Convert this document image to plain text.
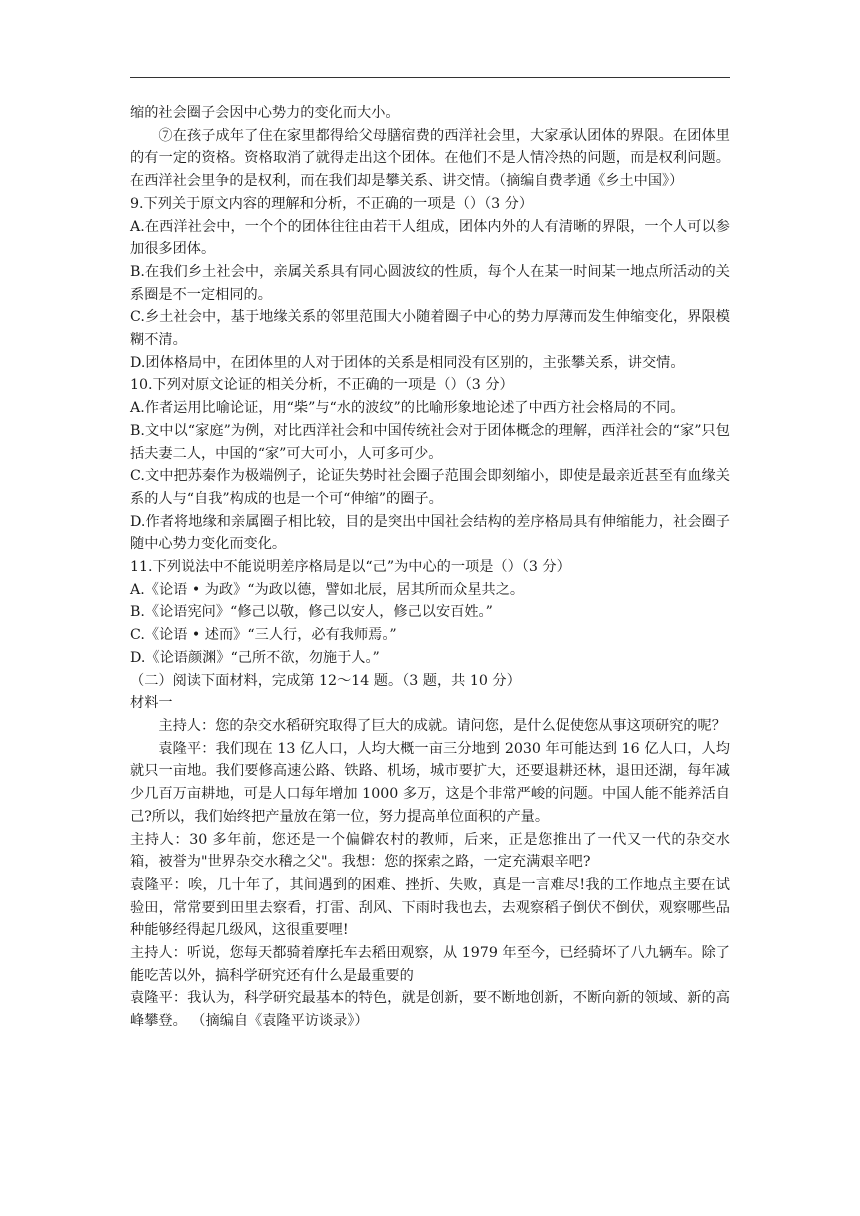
缩的社会圈子会因中心势力的变化而大小。

⑦在孩子成年了住在家里都得给父母膳宿费的西洋社会里，大家承认团体的界限。在团体里的有一定的资格。资格取消了就得走出这个团体。在他们不是人情冷热的问题，而是权利问题。在西洋社会里争的是权利，而在我们却是攀关系、讲交情。（摘编自费孝通《乡土中国》）

9.下列关于原文内容的理解和分析，不正确的一项是（）（3 分）

A.在西洋社会中，一个个的团体往往由若干人组成，团体内外的人有清晰的界限，一个人可以参加很多团体。

B.在我们乡土社会中，亲属关系具有同心圆波纹的性质，每个人在某一时间某一地点所活动的关系圈是不一定相同的。

C.乡土社会中，基于地缘关系的邻里范围大小随着圈子中心的势力厚薄而发生伸缩变化，界限模糊不清。

D.团体格局中，在团体里的人对于团体的关系是相同没有区别的，主张攀关系，讲交情。

10.下列对原文论证的相关分析，不正确的一项是（）（3 分）

A.作者运用比喻论证，用“柴”与“水的波纹”的比喻形象地论述了中西方社会格局的不同。

B.文中以“家庭”为例，对比西洋社会和中国传统社会对于团体概念的理解，西洋社会的“家”只包括夫妻二人，中国的“家”可大可小，人可多可少。

C.文中把苏秦作为极端例子，论证失势时社会圈子范围会即刻缩小，即使是最亲近甚至有血缘关系的人与“自我”构成的也是一个可“伸缩”的圈子。

D.作者将地缘和亲属圈子相比较，目的是突出中国社会结构的差序格局具有伸缩能力，社会圈子随中心势力变化而变化。

11.下列说法中不能说明差序格局是以“己”为中心的一项是（）（3 分）

A.《论语 • 为政》“为政以德，譬如北辰，居其所而众星共之。

B.《论语宪问》“修己以敬，修己以安人，修己以安百姓。”

C.《论语 • 述而》“三人行，必有我师焉。”

D.《论语颜渊》“己所不欲，勿施于人。”

（二）阅读下面材料，完成第 12～14 题。（3 题，共 10 分）

材料一

主持人：您的杂交水稻研究取得了巨大的成就。请问您，是什么促使您从事这项研究的呢？

袁隆平：我们现在 13 亿人口，人均大概一亩三分地到 2030 年可能达到 16 亿人口，人均就只一亩地。我们要修高速公路、铁路、机场，城市要扩大，还要退耕还林，退田还湖，每年减少几百万亩耕地，可是人口每年增加 1000 多万，这是个非常严峻的问题。中国人能不能养活自己?所以，我们始终把产量放在第一位，努力提高单位面积的产量。

主持人：30 多年前，您还是一个偏僻农村的教师，后来，正是您推出了一代又一代的杂交水箱，被誉为"世界杂交水稽之父"。我想：您的探索之路，一定充满艰辛吧?

袁隆平：唉，几十年了，其间遇到的困难、挫折、失败，真是一言难尽!我的工作地点主要在试验田，常常要到田里去察看，打雷、刮风、下雨时我也去，去观察稻子倒伏不倒伏，观察哪些品种能够经得起几级风，这很重要哩!

主持人：听说，您每天都骑着摩托车去稻田观察，从 1979 年至今，已经骑坏了八九辆车。除了能吃苦以外，搞科学研究还有什么是最重要的

袁隆平：我认为，科学研究最基本的特色，就是创新，要不断地创新，不断向新的领域、新的高峰攀登。 （摘编自《袁隆平访谈录》）
